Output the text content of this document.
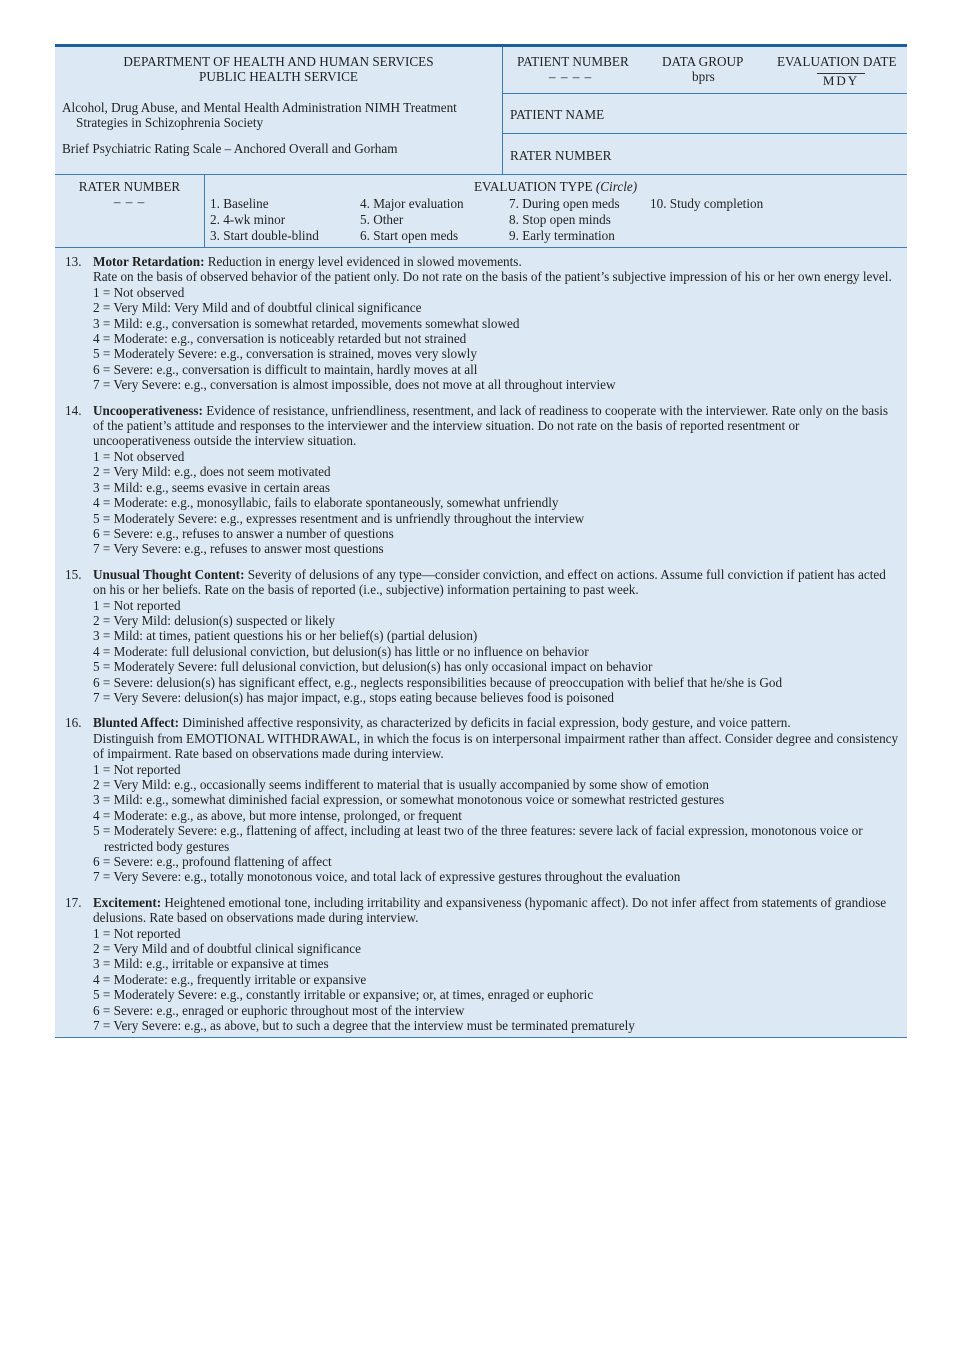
DEPARTMENT OF HEALTH AND HUMAN SERVICES
PUBLIC HEALTH SERVICE
Alcohol, Drug Abuse, and Mental Health Administration NIMH Treatment
Strategies in Schizophrenia Society
Brief Psychiatric Rating Scale – Anchored Overall and Gorham
PATIENT NUMBER
– – – –
DATA GROUP
bprs
EVALUATION DATE
MDY
PATIENT NAME
RATER NUMBER
RATER NUMBER
– – –
EVALUATION TYPE (Circle)
1. Baseline
2. 4-wk minor
3. Start double-blind
4. Major evaluation
5. Other
6. Start open meds
7. During open meds
8. Stop open minds
9. Early termination
10. Study completion
13. Motor Retardation: Reduction in energy level evidenced in slowed movements.
Rate on the basis of observed behavior of the patient only. Do not rate on the basis of the patient’s subjective impression of his or her own energy level.
1 = Not observed
2 = Very Mild: Very Mild and of doubtful clinical significance
3 = Mild: e.g., conversation is somewhat retarded, movements somewhat slowed
4 = Moderate: e.g., conversation is noticeably retarded but not strained
5 = Moderately Severe: e.g., conversation is strained, moves very slowly
6 = Severe: e.g., conversation is difficult to maintain, hardly moves at all
7 = Very Severe: e.g., conversation is almost impossible, does not move at all throughout interview
14. Uncooperativeness: Evidence of resistance, unfriendliness, resentment, and lack of readiness to cooperate with the interviewer. Rate only on the basis of the patient’s attitude and responses to the interviewer and the interview situation. Do not rate on the basis of reported resentment or uncooperativeness outside the interview situation.
1 = Not observed
2 = Very Mild: e.g., does not seem motivated
3 = Mild: e.g., seems evasive in certain areas
4 = Moderate: e.g., monosyllabic, fails to elaborate spontaneously, somewhat unfriendly
5 = Moderately Severe: e.g., expresses resentment and is unfriendly throughout the interview
6 = Severe: e.g., refuses to answer a number of questions
7 = Very Severe: e.g., refuses to answer most questions
15. Unusual Thought Content: Severity of delusions of any type—consider conviction, and effect on actions. Assume full conviction if patient has acted on his or her beliefs. Rate on the basis of reported (i.e., subjective) information pertaining to past week.
1 = Not reported
2 = Very Mild: delusion(s) suspected or likely
3 = Mild: at times, patient questions his or her belief(s) (partial delusion)
4 = Moderate: full delusional conviction, but delusion(s) has little or no influence on behavior
5 = Moderately Severe: full delusional conviction, but delusion(s) has only occasional impact on behavior
6 = Severe: delusion(s) has significant effect, e.g., neglects responsibilities because of preoccupation with belief that he/she is God
7 = Very Severe: delusion(s) has major impact, e.g., stops eating because believes food is poisoned
16. Blunted Affect: Diminished affective responsivity, as characterized by deficits in facial expression, body gesture, and voice pattern.
Distinguish from EMOTIONAL WITHDRAWAL, in which the focus is on interpersonal impairment rather than affect. Consider degree and consistency of impairment. Rate based on observations made during interview.
1 = Not reported
2 = Very Mild: e.g., occasionally seems indifferent to material that is usually accompanied by some show of emotion
3 = Mild: e.g., somewhat diminished facial expression, or somewhat monotonous voice or somewhat restricted gestures
4 = Moderate: e.g., as above, but more intense, prolonged, or frequent
5 = Moderately Severe: e.g., flattening of affect, including at least two of the three features: severe lack of facial expression, monotonous voice or restricted body gestures
6 = Severe: e.g., profound flattening of affect
7 = Very Severe: e.g., totally monotonous voice, and total lack of expressive gestures throughout the evaluation
17. Excitement: Heightened emotional tone, including irritability and expansiveness (hypomanic affect). Do not infer affect from statements of grandiose delusions. Rate based on observations made during interview.
1 = Not reported
2 = Very Mild and of doubtful clinical significance
3 = Mild: e.g., irritable or expansive at times
4 = Moderate: e.g., frequently irritable or expansive
5 = Moderately Severe: e.g., constantly irritable or expansive; or, at times, enraged or euphoric
6 = Severe: e.g., enraged or euphoric throughout most of the interview
7 = Very Severe: e.g., as above, but to such a degree that the interview must be terminated prematurely
